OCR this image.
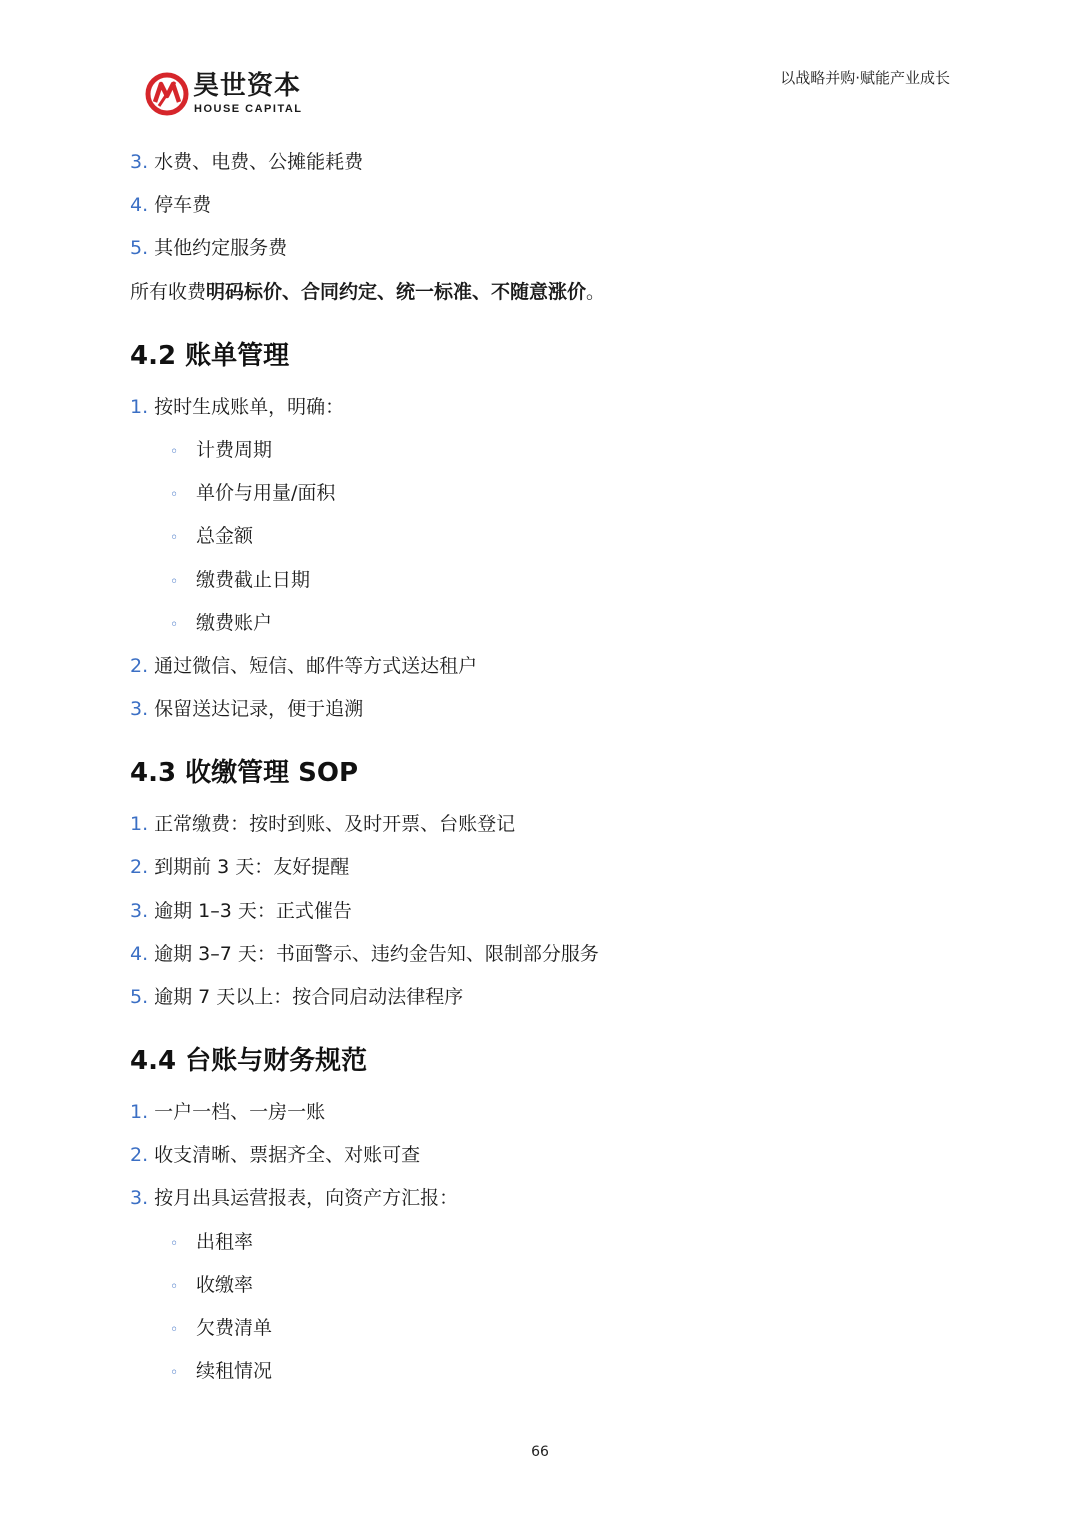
昊世资本
HOUSE CAPITAL
以战略并购·赋能产业成长
3. 水费、电费、公摊能耗费
4. 停车费
5. 其他约定服务费
所有收费明码标价、合同约定、统一标准、不随意涨价。
4.2 账单管理
1. 按时生成账单，明确：
◦ 计费周期
◦ 单价与用量/面积
◦ 总金额
◦ 缴费截止日期
◦ 缴费账户
2. 通过微信、短信、邮件等方式送达租户
3. 保留送达记录，便于追溯
4.3 收缴管理 SOP
1. 正常缴费：按时到账、及时开票、台账登记
2. 到期前 3 天：友好提醒
3. 逾期 1–3 天：正式催告
4. 逾期 3–7 天：书面警示、违约金告知、限制部分服务
5. 逾期 7 天以上：按合同启动法律程序
4.4 台账与财务规范
1. 一户一档、一房一账
2. 收支清晰、票据齐全、对账可查
3. 按月出具运营报表，向资产方汇报：
◦ 出租率
◦ 收缴率
◦ 欠费清单
◦ 续租情况
66
